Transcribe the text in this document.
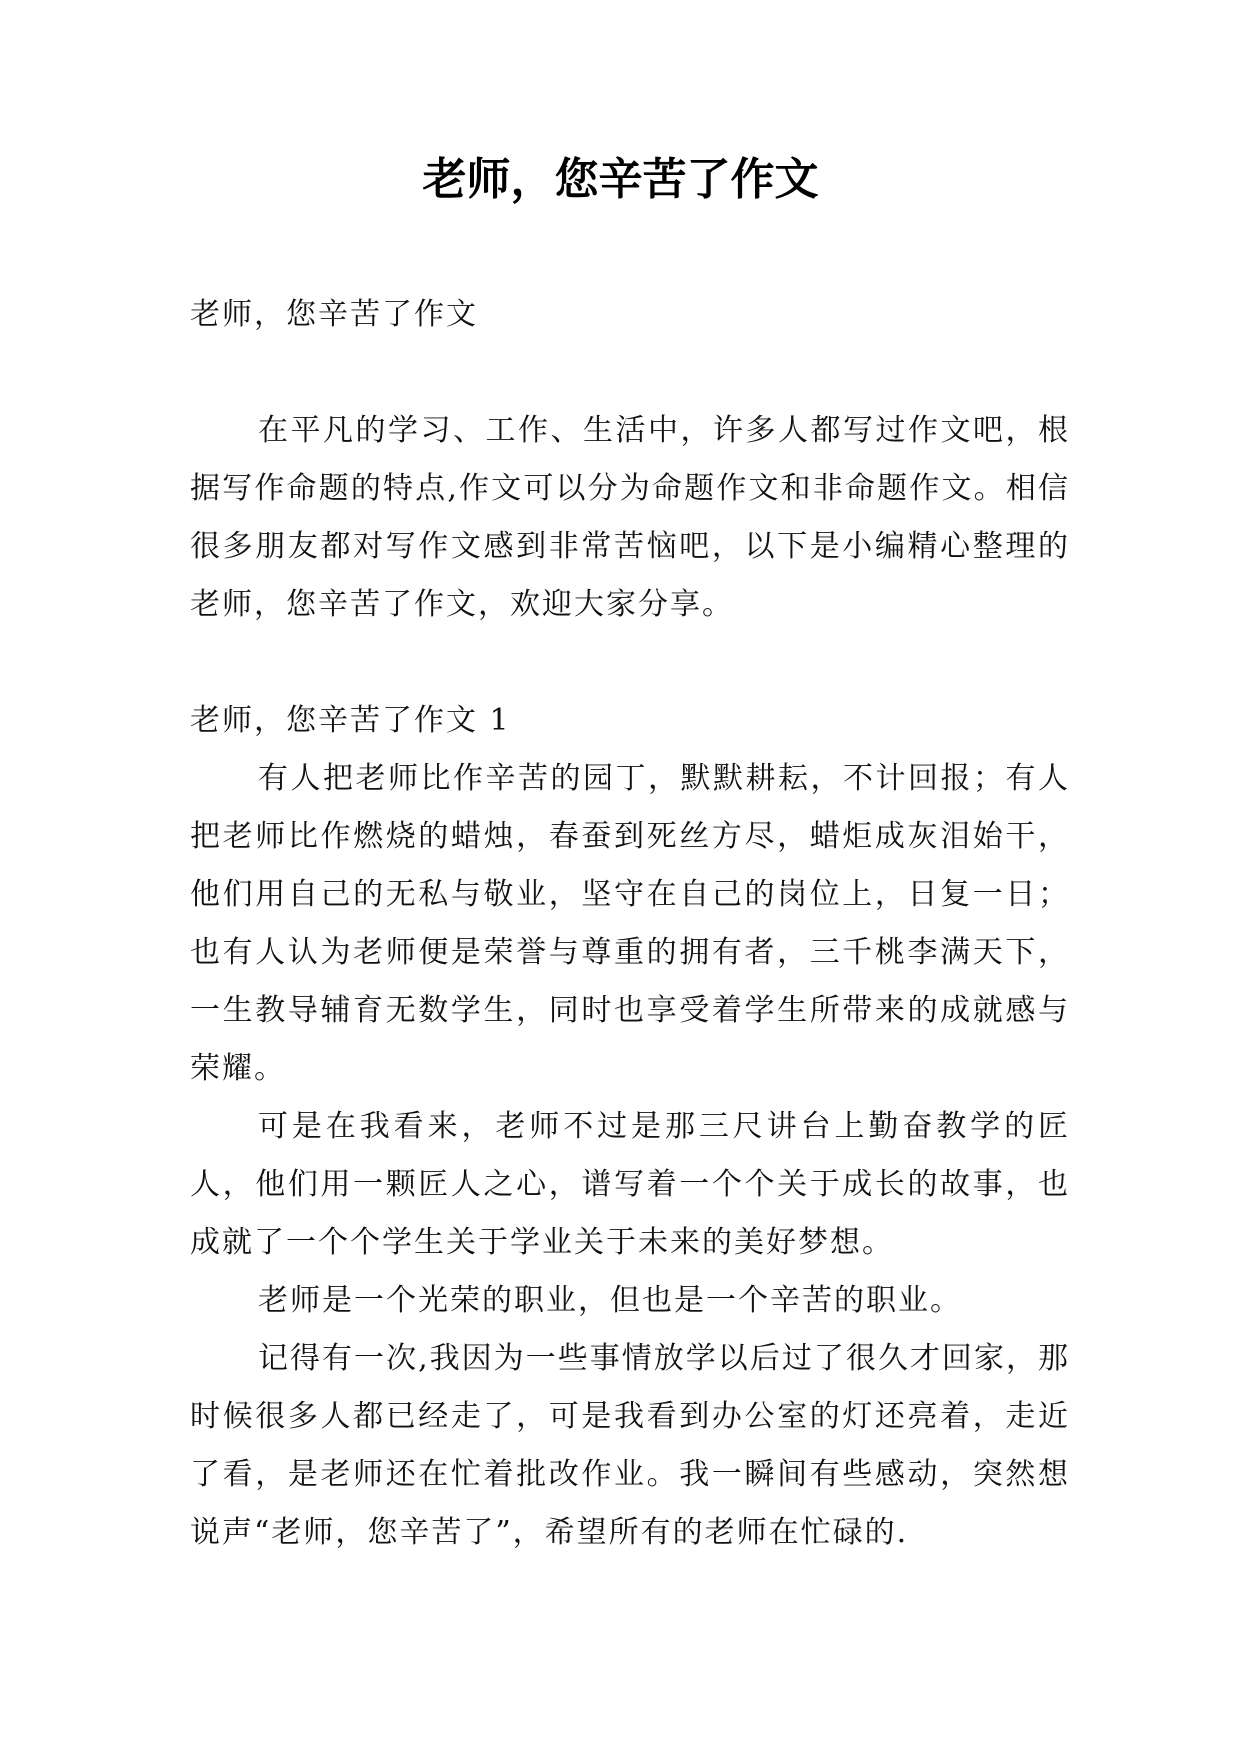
老师，您辛苦了作文

老师，您辛苦了作文

在平凡的学习、工作、生活中，许多人都写过作文吧，根据写作命题的特点,作文可以分为命题作文和非命题作文。相信很多朋友都对写作文感到非常苦恼吧，以下是小编精心整理的老师，您辛苦了作文，欢迎大家分享。

老师，您辛苦了作文 1

有人把老师比作辛苦的园丁，默默耕耘，不计回报；有人把老师比作燃烧的蜡烛，春蚕到死丝方尽，蜡炬成灰泪始干，他们用自己的无私与敬业，坚守在自己的岗位上，日复一日；也有人认为老师便是荣誉与尊重的拥有者，三千桃李满天下，一生教导辅育无数学生，同时也享受着学生所带来的成就感与荣耀。

可是在我看来，老师不过是那三尺讲台上勤奋教学的匠人，他们用一颗匠人之心，谱写着一个个关于成长的故事，也成就了一个个学生关于学业关于未来的美好梦想。

老师是一个光荣的职业，但也是一个辛苦的职业。

记得有一次,我因为一些事情放学以后过了很久才回家，那时候很多人都已经走了，可是我看到办公室的灯还亮着，走近了看，是老师还在忙着批改作业。我一瞬间有些感动，突然想说声“老师，您辛苦了”，希望所有的老师在忙碌的.
